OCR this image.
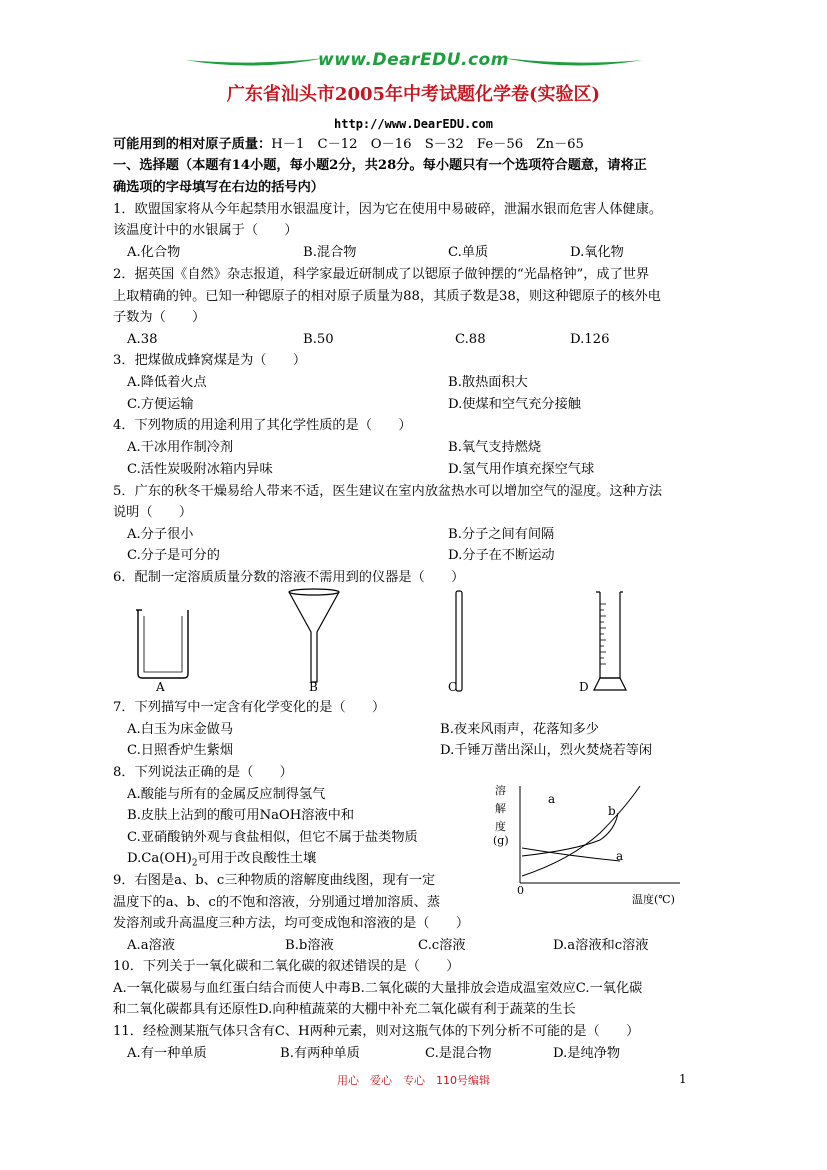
www.DearEDU.com
广东省汕头市2005年中考试题化学卷(实验区)
http://www.DearEDU.com
可能用到的相对原子质量：H－1　C－12　O－16　S－32　Fe－56　Zn－65
一、选择题（本题有14小题，每小题2分，共28分。每小题只有一个选项符合题意，请将正
确选项的字母填写在右边的括号内）
1．欧盟国家将从今年起禁用水银温度计，因为它在使用中易破碎，泄漏水银而危害人体健康。
该温度计中的水银属于（　　）
A.化合物	B.混合物	C.单质	D.氧化物
2．据英国《自然》杂志报道，科学家最近研制成了以锶原子做钟摆的“光晶格钟”，成了世界
上取精确的钟。已知一种锶原子的相对原子质量为88，其质子数是38，则这种锶原子的核外电
子数为（　　）
A.38	B.50	C.88	D.126
3．把煤做成蜂窝煤是为（　　）
A.降低着火点	B.散热面积大
C.方便运输	D.使煤和空气充分接触
4．下列物质的用途利用了其化学性质的是（　　）
A.干冰用作制冷剂	B.氧气支持燃烧
C.活性炭吸附冰箱内异味	D.氢气用作填充探空气球
5．广东的秋冬干燥易给人带来不适，医生建议在室内放盆热水可以增加空气的湿度。这种方法
说明（　　）
A.分子很小	B.分子之间有间隔
C.分子是可分的	D.分子在不断运动
6．配制一定溶质质量分数的溶液不需用到的仪器是（　　）
A	B	C	D
7．下列描写中一定含有化学变化的是（　　）
A.白玉为床金做马	B.夜来风雨声，花落知多少
C.日照香炉生紫烟	D.千锤万凿出深山，烈火焚烧若等闲
8．下列说法正确的是（　　）
A.酸能与所有的金属反应制得氢气
B.皮肤上沾到的酸可用NaOH溶液中和
C.亚硝酸钠外观与食盐相似，但它不属于盐类物质
$D.Ca(OH)_2$可用于改良酸性土壤
溶
解
度
(g)
a
b
a
0
温度(℃)
9．右图是a、b、c三种物质的溶解度曲线图，现有一定
温度下的a、b、c的不饱和溶液，分别通过增加溶质、蒸
发溶剂或升高温度三种方法，均可变成饱和溶液的是（　　）
A.a溶液	B.b溶液	C.c溶液	D.a溶液和c溶液
10．下列关于一氧化碳和二氧化碳的叙述错误的是（　　）
A.一氧化碳易与血红蛋白结合而使人中毒B.二氧化碳的大量排放会造成温室效应C.一氧化碳
和二氧化碳都具有还原性D.向种植蔬菜的大棚中补充二氧化碳有利于蔬菜的生长
11．经检测某瓶气体只含有C、H两种元素，则对这瓶气体的下列分析不可能的是（　　）
A.有一种单质	B.有两种单质	C.是混合物	D.是纯净物
用心　爱心　专心　110号编辑	1
